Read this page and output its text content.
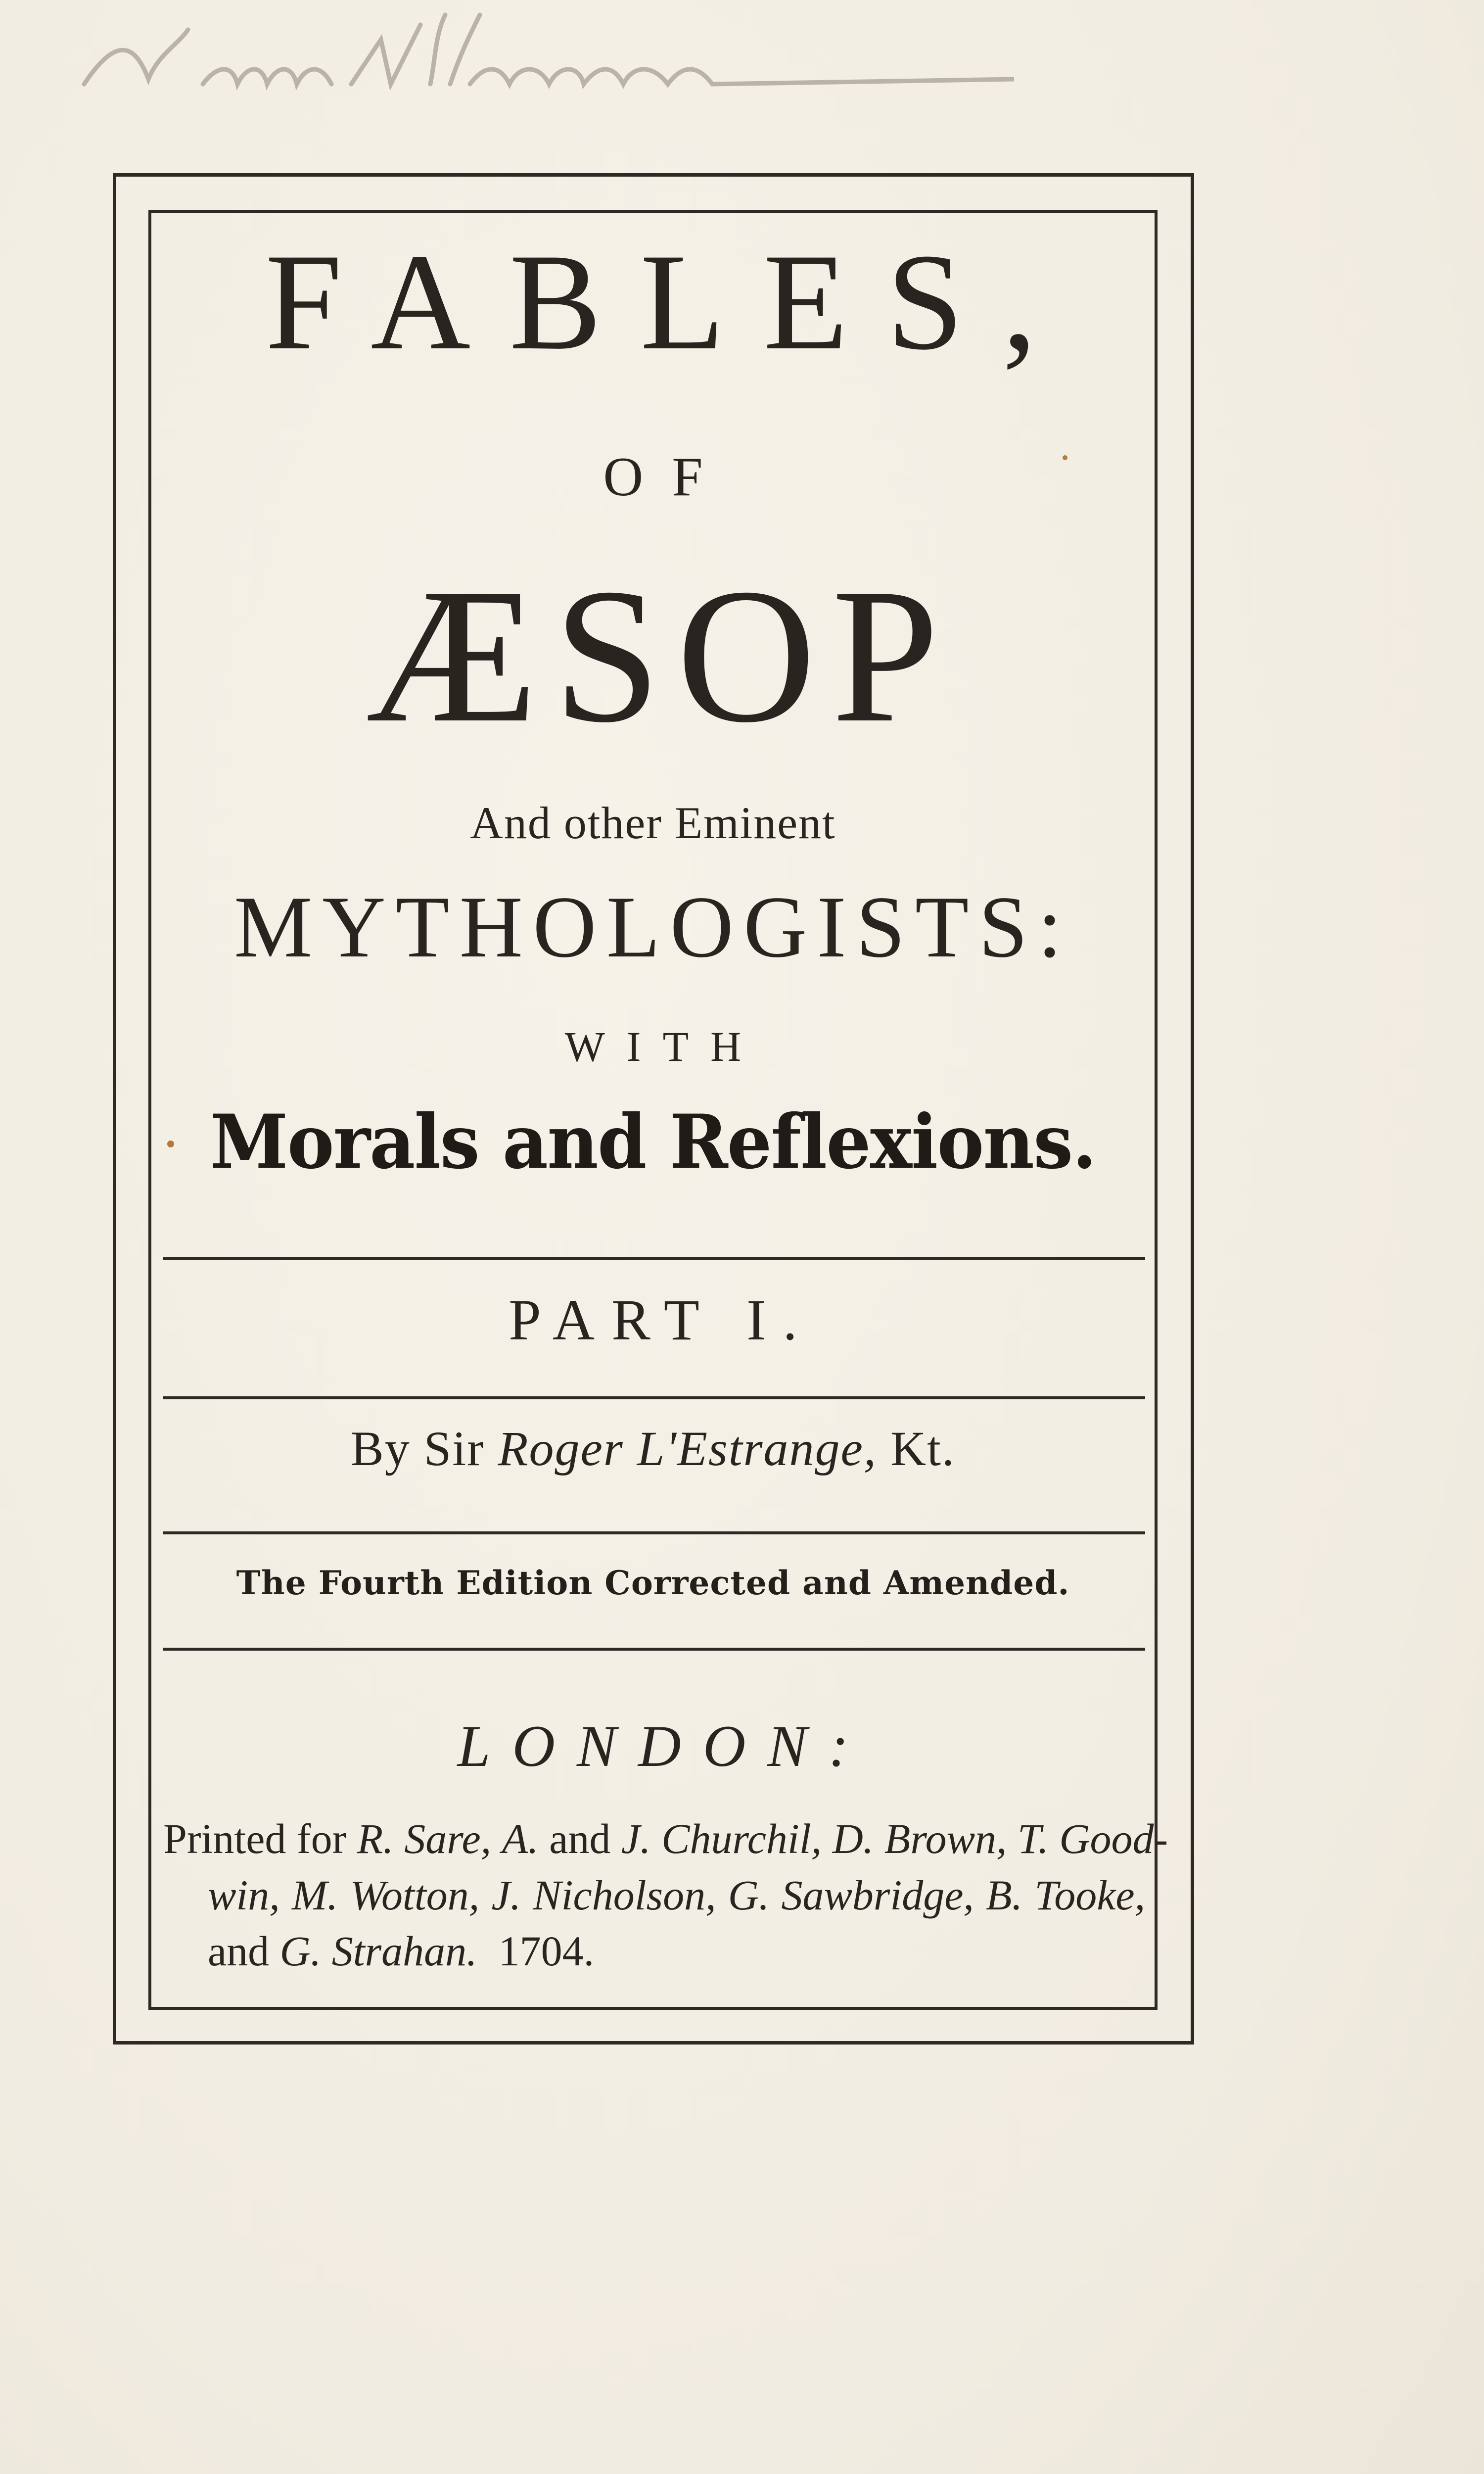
FABLES,
OF
ÆSOP
And other Eminent
MYTHOLOGISTS:
WITH
Morals and Reflexions.
PART I.
By Sir Roger L'Estrange, Kt.
The Fourth Edition Corrected and Amended.
LONDON:
Printed for R. Sare, A. and J. Churchil, D. Brown, T. Good-
win, M. Wotton, J. Nicholson, G. Sawbridge, B. Tooke,
and G. Strahan. 1704.
